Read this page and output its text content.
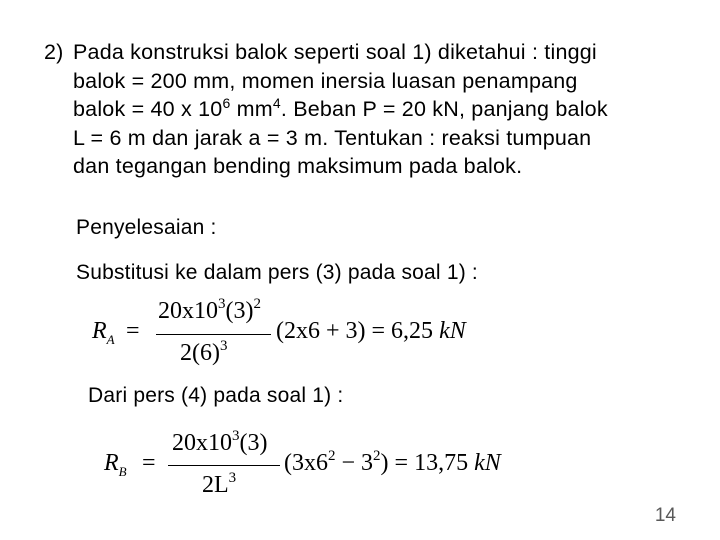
2) Pada konstruksi balok seperti soal 1) diketahui : tinggi
balok = 200 mm, momen inersia luasan penampang
balok = 40 x $10^6$ $mm^4$. Beban P = 20 kN, panjang balok
L = 6 m dan jarak a = 3 m. Tentukan : reaksi tumpuan
dan tegangan bending maksimum pada balok.
Penyelesaian :
Substitusi ke dalam pers (3) pada soal 1) :
$R_A$ =
$20x10^3(3)^2$
$2(6)^3$
(2x6 + 3) = 6,25 kN
Dari pers (4) pada soal 1) :
$R_B$ =
$20x10^3(3)$
$2L^3$
$(3x6^2 - 3^2) = 13,75$ kN
14
